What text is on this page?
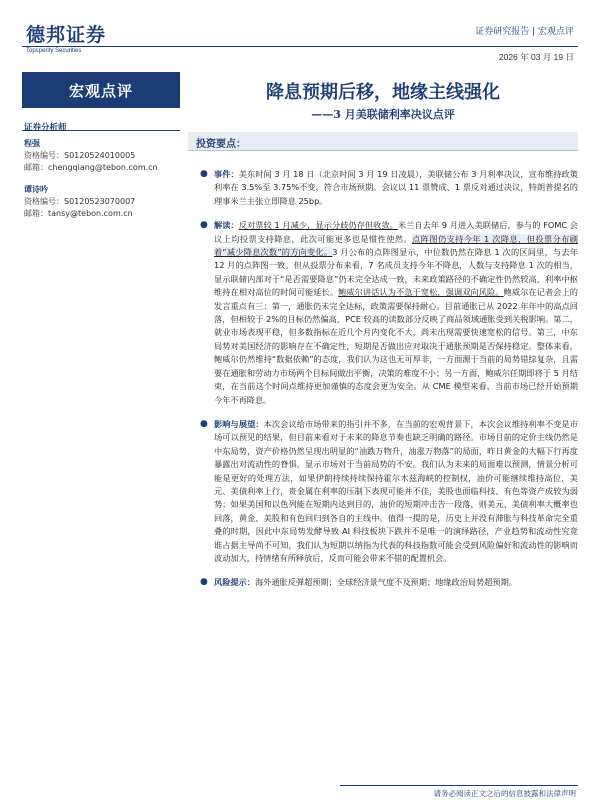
德邦证券
Topsperity Securities
证券研究报告 | 宏观点评
2026 年 03 月 19 日
宏观点评	降息预期后移，地缘主线强化
——3 月美联储利率决议点评
证券分析师
程强
资格编号：S0120524010005
邮箱：chengqiang@tebon.com.cn
谭诗吟
资格编号：S0120523070007
邮箱：tansy@tebon.com.cn
投资要点：
● 事件：美东时间 3 月 18 日（北京时间 3 月 19 日凌晨），美联储公布 3 月利率决议，宣布维持政策利率在 3.5%至 3.75%不变，符合市场预期。会议以 11 票赞成、1 票反对通过决议，特朗普提名的理事米兰主张立即降息 25bp。
● 解读：反对票较 1 月减少，显示分歧仍存但收敛。米兰自去年 9 月进入美联储后，参与的 FOMC 会议上均投票支持降息，此次可能更多也是惯性使然。点阵图仍支持今年 1 次降息，但投票分布刷着“减少降息次数”的方向变化。3 月公布的点阵图显示，中位数仍然在降息 1 次的区间里，与去年 12 月的点阵图一致。但从投票分布来看，7 名成员支持今年不降息，人数与支持降息 1 次的相当，显示联储内部对于“是否需要降息”仍未完全达成一致，未来政策路径的不确定性仍然较高，利率中枢维持在相对高位的时间可能延长。鲍威尔讲话认为不急于宽松，强调双向风险。鲍威尔在记者会上的发言重点有三：第一，通胀仍未完全达标，政策需要保持耐心。目前通胀已从 2022 年年中的高点回落，但相较于 2%的目标仍然偏高，PCE 较高的读数部分反映了商品领域通胀受到关税影响。第二，就业市场表现平稳，但多数指标在近几个月内变化不大，尚未出现需要快速宽松的信号。第三，中东局势对美国经济的影响存在不确定性，短期是否做出应对取决于通胀预期是否保持稳定。整体来看，鲍威尔仍然维持“数据依赖”的态度，我们认为这也无可厚非，一方面源于当前的局势错综复杂，且需要在通胀和劳动力市场两个目标间做出平衡，决策的难度不小；另一方面，鲍威尔任期即将于 5 月结束，在当前这个时间点维持更加谨慎的态度会更为安全。从 CME 模型来看，当前市场已经开始预期今年不再降息。
● 影响与展望：本次会议给市场带来的指引并不多，在当前的宏观背景下，本次会议维持利率不变是市场可以预见的结果，但目前来看对于未来的降息节奏也缺乏明确的路径。市场目前的定价主线仍然是中东局势，资产价格仍然呈现出明显的“油跌万物升，油涨万物落”的局面，昨日黄金的大幅下行再度暴露出对流动性的脊惧，显示市场对于当前局势的不安。我们认为未来的局面难以预测，情景分析可能是更好的处理方法，如果伊朗持续持续保持霍尔木兹海峡的控制权，油价可能继续维持高位，美元、美债利率上行，贵金属在利率的压制下表现可能并不佳，美股也面临科技、有色等资产成较为弱势；如果美国和以色列能在短期内达到目的，油价的短期冲击告一段落，则美元、美债利率大概率也回落，黄金、美股和有色回归到各自的主线中。值得一提的是，历史上并没有滞胀与科技革命完全重叠的时期，因此中东局势发酵导致 AI 科技板块下跌并不是唯一的演绎路径，产业趋势和流动性究竟谁占据主导尚不可知，我们认为短期以纳指为代表的科技指数可能会受到风险偏好和流动性的影响而波动加大，持情绪有所释放后，反而可能会带来不错的配置机会。
● 风险提示：海外通胀反弹超预期；全球经济景气度不及预期；地缘政治局势超预期。
请务必阅读正文之后的信息披露和法律声明
